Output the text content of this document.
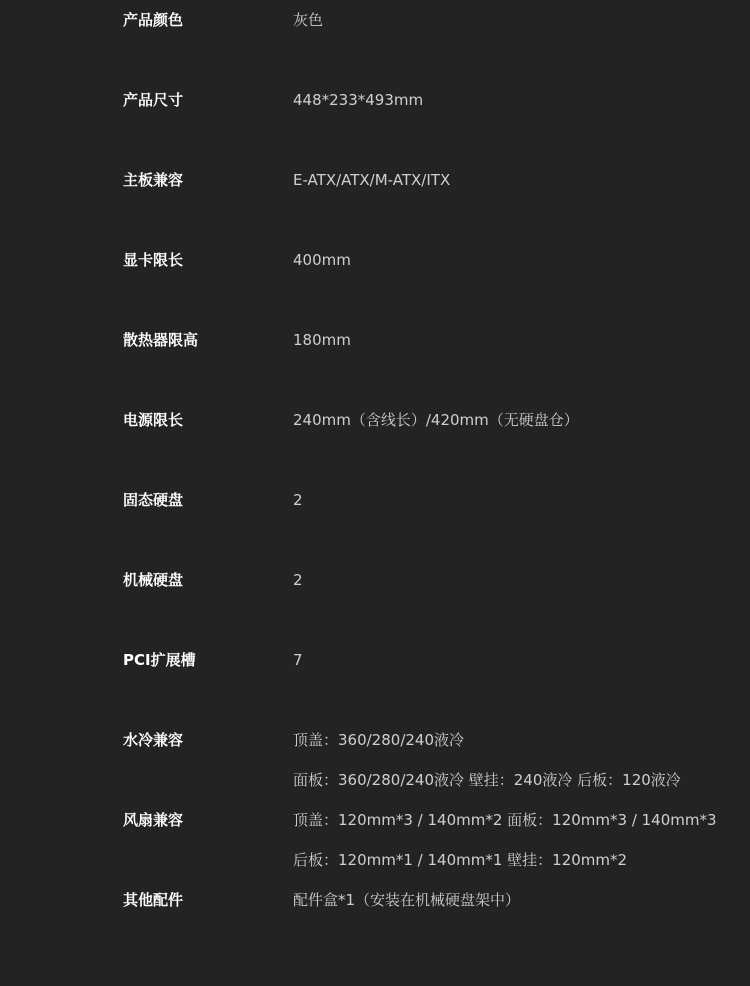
产品颜色	灰色
产品尺寸	448*233*493mm
主板兼容	E-ATX/ATX/M-ATX/ITX
显卡限长	400mm
散热器限高	180mm
电源限长	240mm（含线长）/420mm（无硬盘仓）
固态硬盘	2
机械硬盘	2
PCI扩展槽	7
水冷兼容	顶盖：360/280/240液冷
面板：360/280/240液冷 壁挂：240液冷 后板：120液冷
风扇兼容	顶盖：120mm*3 / 140mm*2 面板：120mm*3 / 140mm*3
后板：120mm*1 / 140mm*1 壁挂：120mm*2
其他配件	配件盒*1（安装在机械硬盘架中）
